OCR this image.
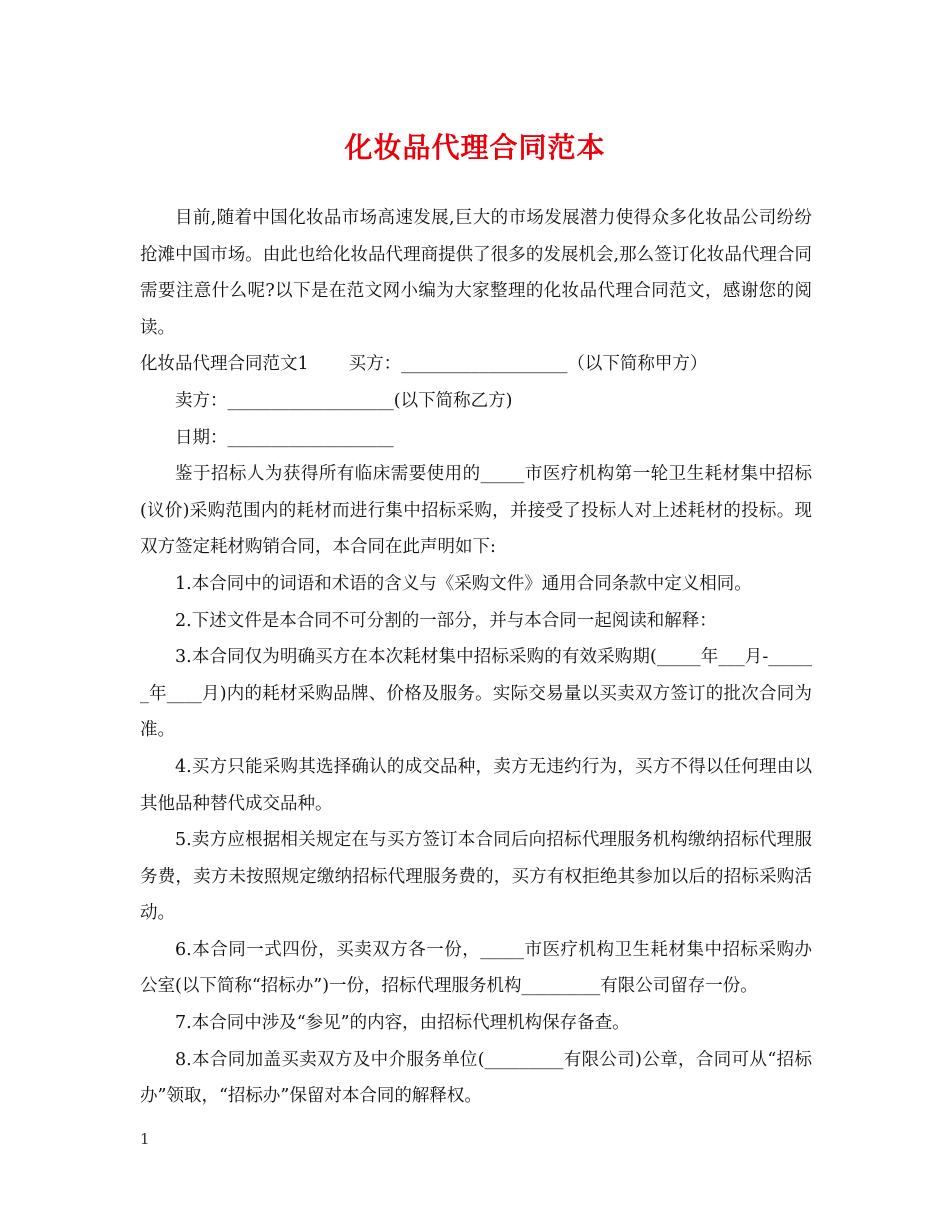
化妆品代理合同范本

目前,随着中国化妆品市场高速发展,巨大的市场发展潜力使得众多化妆品公司纷纷抢滩中国市场。由此也给化妆品代理商提供了很多的发展机会,那么签订化妆品代理合同需要注意什么呢?以下是在范文网小编为大家整理的化妆品代理合同范文，感谢您的阅读。

化妆品代理合同范文1 买方：___________________（以下简称甲方）

卖方：___________________(以下简称乙方)

日期：___________________

鉴于招标人为获得所有临床需要使用的_____市医疗机构第一轮卫生耗材集中招标(议价)采购范围内的耗材而进行集中招标采购，并接受了投标人对上述耗材的投标。现双方签定耗材购销合同，本合同在此声明如下:

1.本合同中的词语和术语的含义与《采购文件》通用合同条款中定义相同。

2.下述文件是本合同不可分割的一部分，并与本合同一起阅读和解释：

3.本合同仅为明确买方在本次耗材集中招标采购的有效采购期(_____年___月-______年____月)内的耗材采购品牌、价格及服务。实际交易量以买卖双方签订的批次合同为准。

4.买方只能采购其选择确认的成交品种，卖方无违约行为，买方不得以任何理由以其他品种替代成交品种。

5.卖方应根据相关规定在与买方签订本合同后向招标代理服务机构缴纳招标代理服务费，卖方未按照规定缴纳招标代理服务费的，买方有权拒绝其参加以后的招标采购活动。

6.本合同一式四份，买卖双方各一份，_____市医疗机构卫生耗材集中招标采购办公室(以下简称“招标办”)一份，招标代理服务机构_________有限公司留存一份。

7.本合同中涉及“参见”的内容，由招标代理机构保存备查。

8.本合同加盖买卖双方及中介服务单位(_________有限公司)公章，合同可从“招标办”领取，“招标办”保留对本合同的解释权。

1
